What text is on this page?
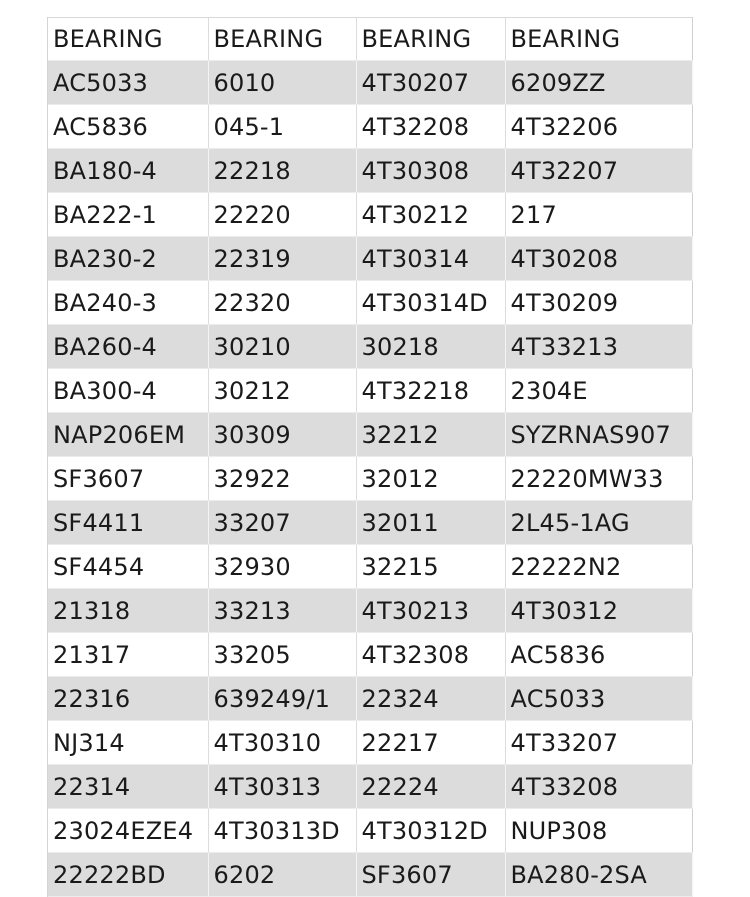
BEARING	BEARING	BEARING	BEARING
AC5033	6010	4T30207	6209ZZ
AC5836	045-1	4T32208	4T32206
BA180-4	22218	4T30308	4T32207
BA222-1	22220	4T30212	217
BA230-2	22319	4T30314	4T30208
BA240-3	22320	4T30314D	4T30209
BA260-4	30210	30218	4T33213
BA300-4	30212	4T32218	2304E
NAP206EM	30309	32212	SYZRNAS907
SF3607	32922	32012	22220MW33
SF4411	33207	32011	2L45-1AG
SF4454	32930	32215	22222N2
21318	33213	4T30213	4T30312
21317	33205	4T32308	AC5836
22316	639249/1	22324	AC5033
NJ314	4T30310	22217	4T33207
22314	4T30313	22224	4T33208
23024EZE4	4T30313D	4T30312D	NUP308
22222BD	6202	SF3607	BA280-2SA
